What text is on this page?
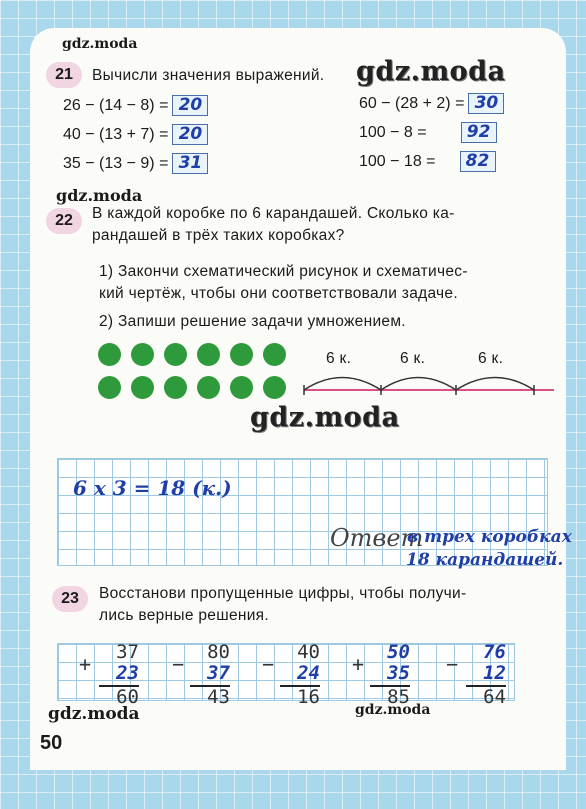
gdz.moda
gdz.moda
gdz.moda
gdz.moda
gdz.moda	gdz.moda
21	Вычисли значения выражений.
26 − (14 − 8) = 20
40 − (13 + 7) = 20
35 − (13 − 9) = 31
60 − (28 + 2) = 30
100 − 8 =	92
100 − 18 =	82
22	В каждой коробке по 6 карандашей. Сколько ка-
рандашей в трёх таких коробках?
1) Закончи схематический рисунок и схематичес-
кий чертёж, чтобы они соответствовали задаче.
2) Запиши решение задачи умножением.
6 к.	6 к.	6 к.
6 х 3 = 18 (к.)
Ответ
в трех коробках
18 карандашей.
23	Восстанови пропущенные цифры, чтобы получи-
лись верные решения.
+	37
23
60
−	80
37
43
−	40
24
16
+	50
35
85
−	76
12
64
50
